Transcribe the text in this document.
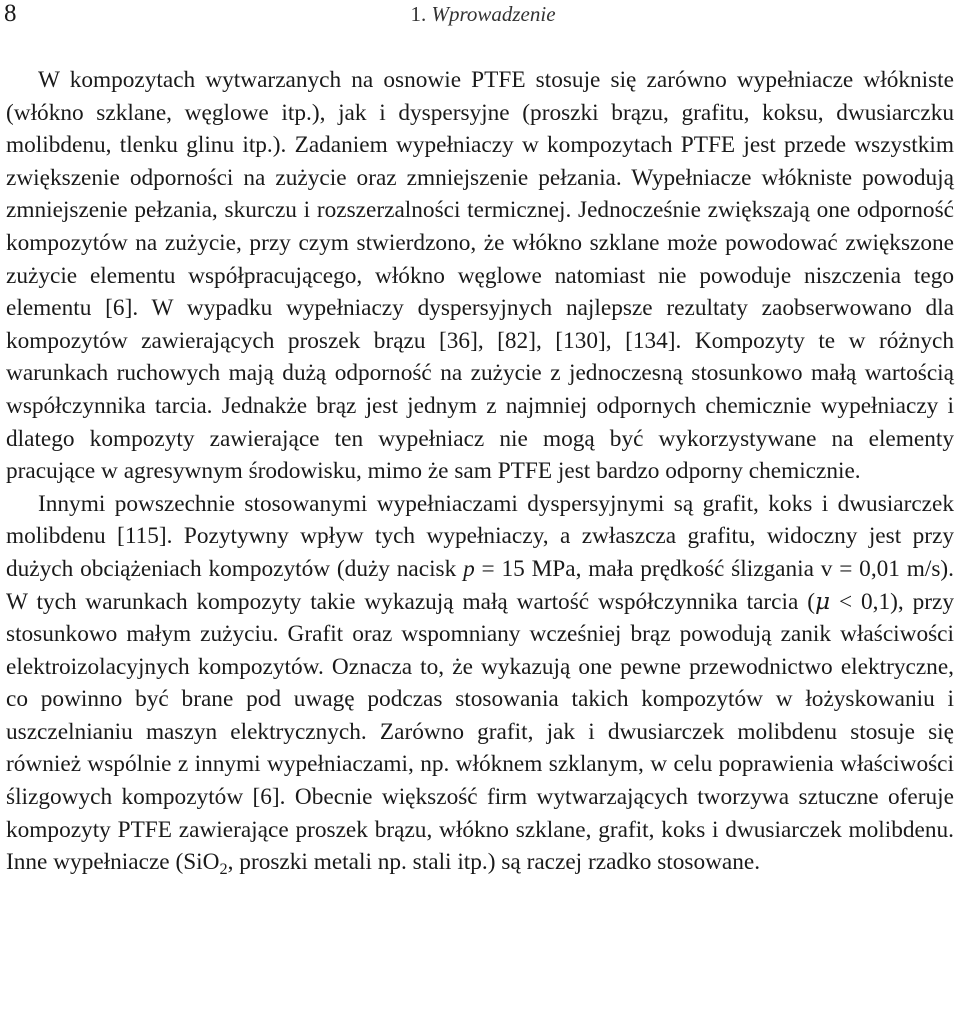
8	1. Wprowadzenie

W kompozytach wytwarzanych na osnowie PTFE stosuje się zarówno wypełniacze włókniste (włókno szklane, węglowe itp.), jak i dyspersyjne (proszki brązu, grafitu, koksu, dwusiarczku molibdenu, tlenku glinu itp.). Zadaniem wypełniaczy w kompozytach PTFE jest przede wszystkim zwiększenie odporności na zużycie oraz zmniejszenie pełzania. Wypełniacze włókniste powodują zmniejszenie pełzania, skurczu i rozszerzalności termicznej. Jednocześnie zwiększają one odporność kompozytów na zużycie, przy czym stwierdzono, że włókno szklane może powodować zwiększone zużycie elementu współpracującego, włókno węglowe natomiast nie powoduje niszczenia tego elementu [6]. W wypadku wypełniaczy dyspersyjnych najlepsze rezultaty zaobserwowano dla kompozytów zawierających proszek brązu [36], [82], [130], [134]. Kompozyty te w różnych warunkach ruchowych mają dużą odporność na zużycie z jednoczesną stosunkowo małą wartością współczynnika tarcia. Jednakże brąz jest jednym z najmniej odpornych chemicznie wypełniaczy i dlatego kompozyty zawierające ten wypełniacz nie mogą być wykorzystywane na elementy pracujące w agresywnym środowisku, mimo że sam PTFE jest bardzo odporny chemicznie.

Innymi powszechnie stosowanymi wypełniaczami dyspersyjnymi są grafit, koks i dwusiarczek molibdenu [115]. Pozytywny wpływ tych wypełniaczy, a zwłaszcza grafitu, widoczny jest przy dużych obciążeniach kompozytów (duży nacisk p = 15 MPa, mała prędkość ślizgania v = 0,01 m/s). W tych warunkach kompozyty takie wykazują małą wartość współczynnika tarcia (μ < 0,1), przy stosunkowo małym zużyciu. Grafit oraz wspomniany wcześniej brąz powodują zanik właściwości elektroizolacyjnych kompozytów. Oznacza to, że wykazują one pewne przewodnictwo elektryczne, co powinno być brane pod uwagę podczas stosowania takich kompozytów w łożyskowaniu i uszczelnianiu maszyn elektrycznych. Zarówno grafit, jak i dwusiarczek molibdenu stosuje się również wspólnie z innymi wypełniaczami, np. włóknem szklanym, w celu poprawienia właściwości ślizgowych kompozytów [6]. Obecnie większość firm wytwarzających tworzywa sztuczne oferuje kompozyty PTFE zawierające proszek brązu, włókno szklane, grafit, koks i dwusiarczek molibdenu. Inne wypełniacze (SiO$_2$, proszki metali np. stali itp.) są raczej rzadko stosowane.
